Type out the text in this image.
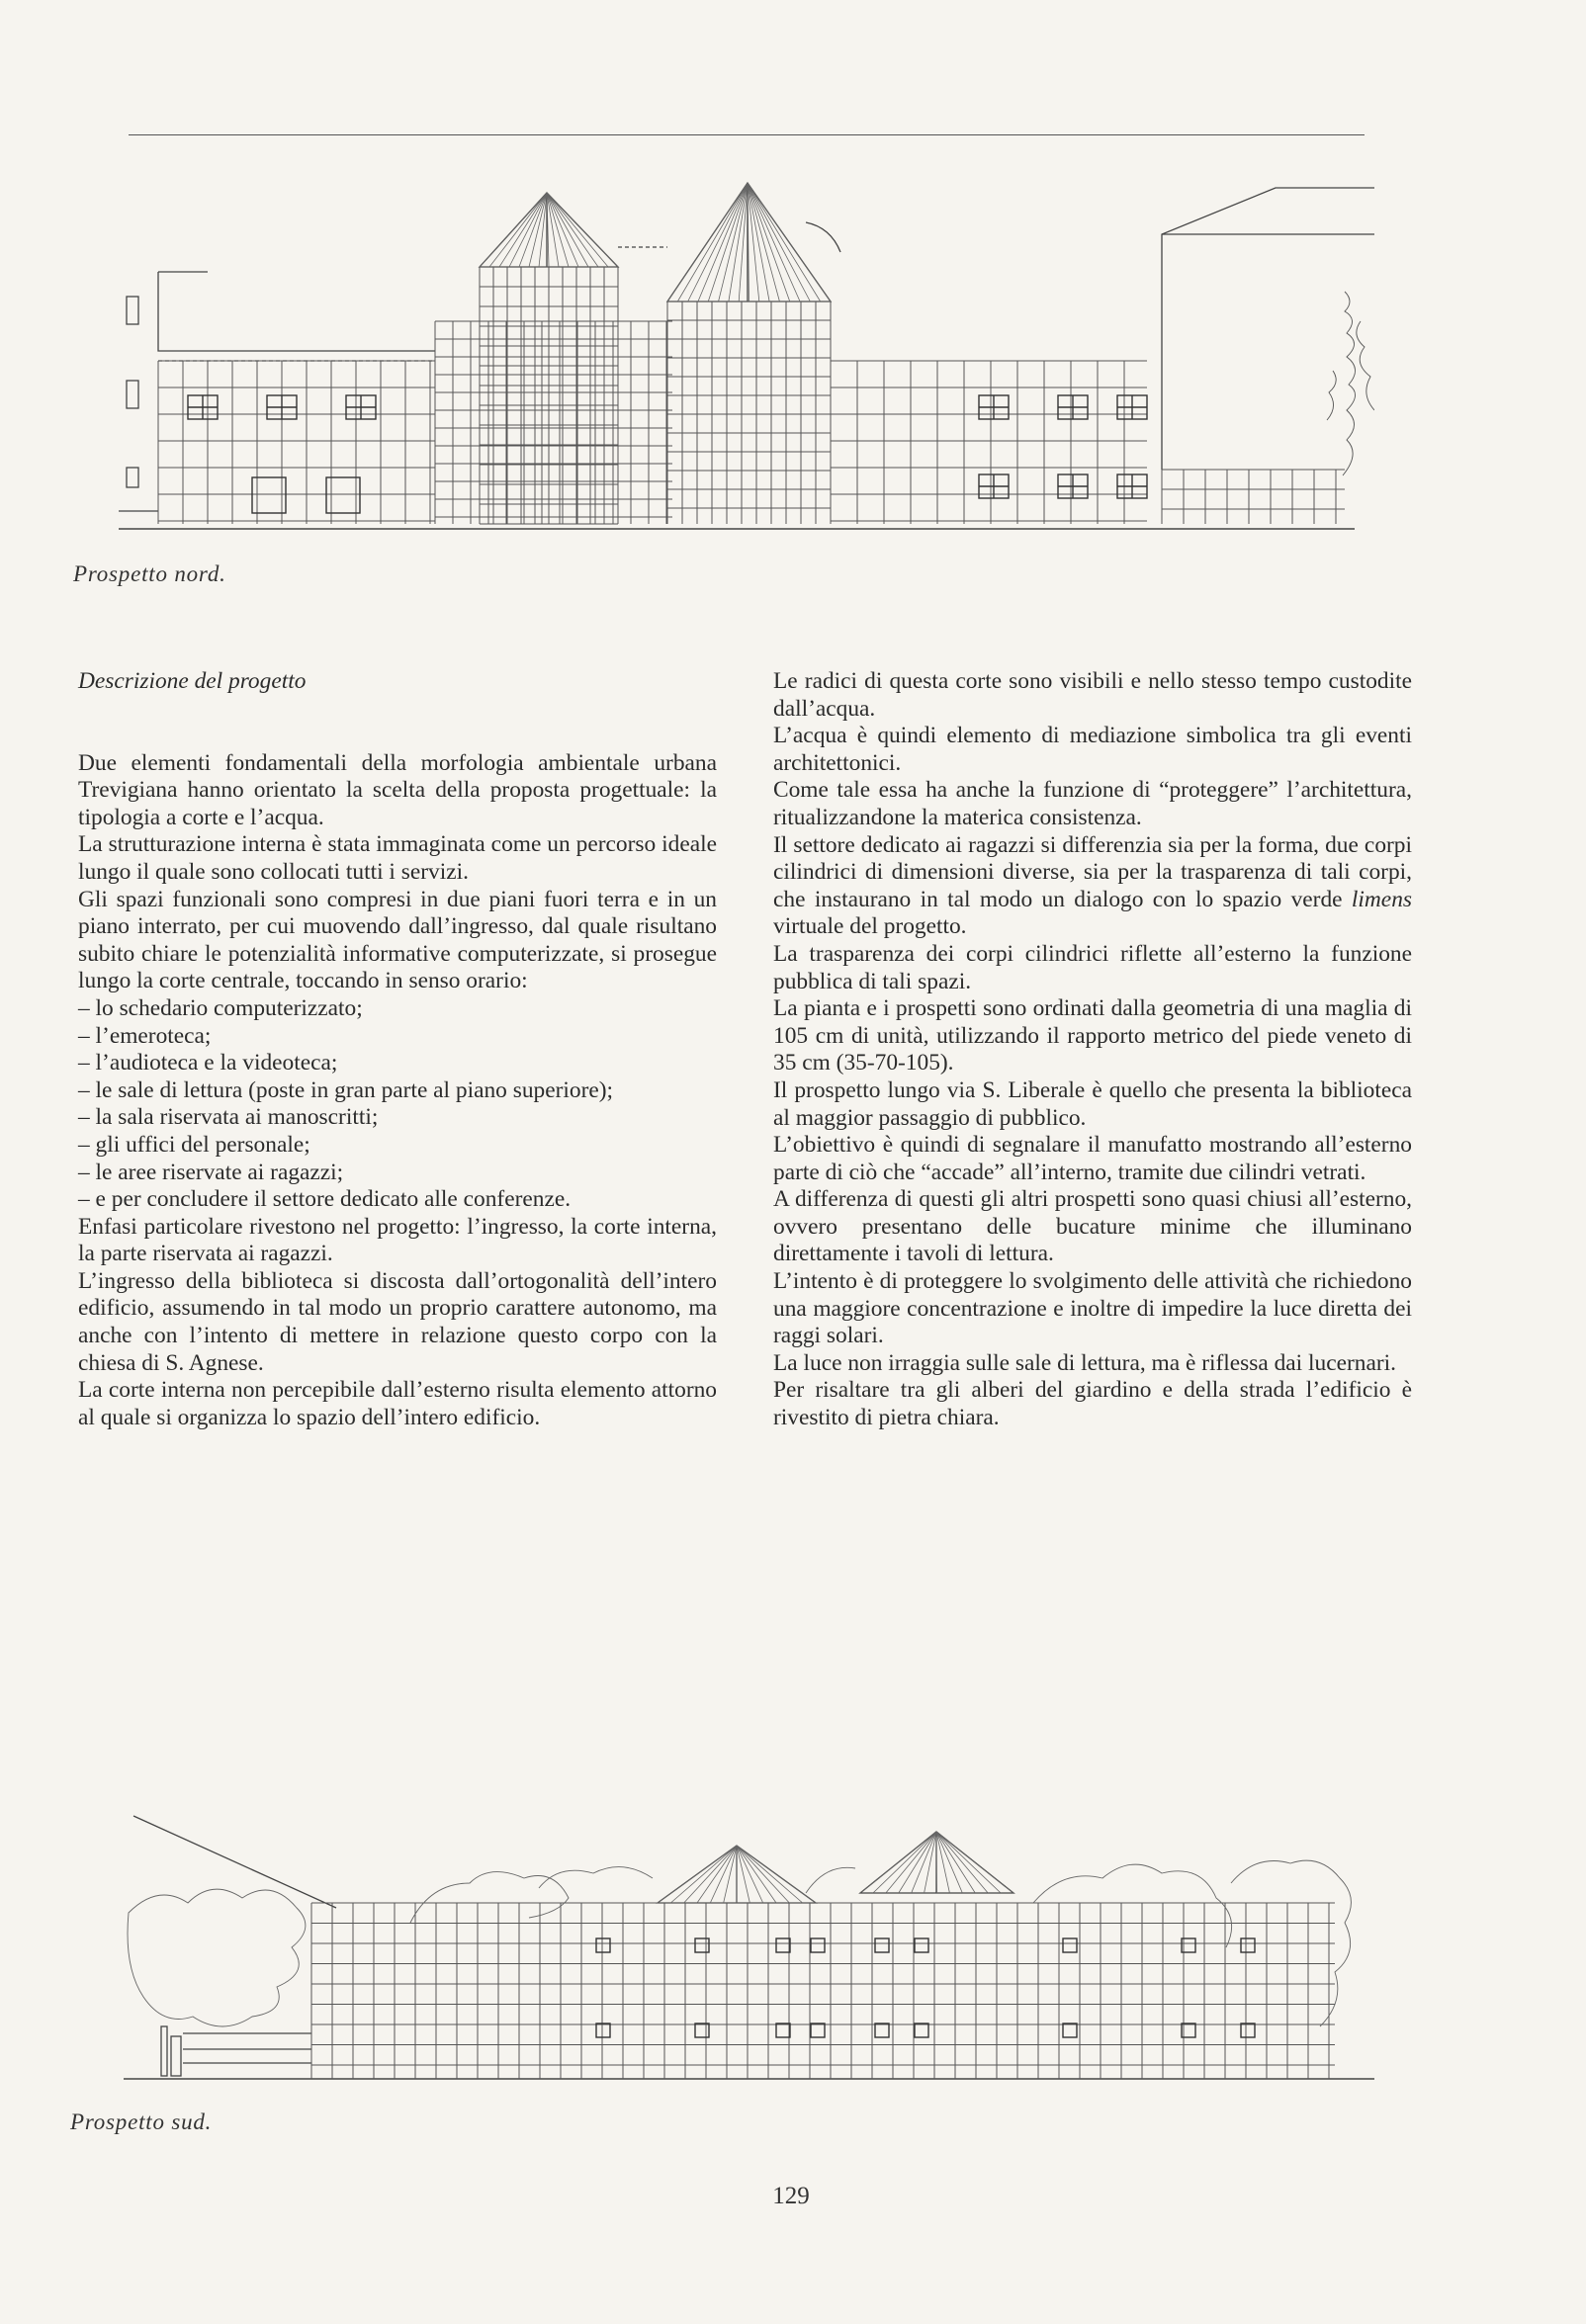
Prospetto nord.

Descrizione del progetto

Due elementi fondamentali della morfologia ambientale urbana Trevigiana hanno orientato la scelta della proposta progettuale: la tipologia a corte e l’acqua.

La strutturazione interna è stata immaginata come un percorso ideale lungo il quale sono collocati tutti i servizi.

Gli spazi funzionali sono compresi in due piani fuori terra e in un piano interrato, per cui muovendo dall’ingresso, dal quale risultano subito chiare le potenzialità informative computerizzate, si prosegue lungo la corte centrale, toccando in senso orario:

– lo schedario computerizzato;

– l’emeroteca;

– l’audioteca e la videoteca;

– le sale di lettura (poste in gran parte al piano superiore);

– la sala riservata ai manoscritti;

– gli uffici del personale;

– le aree riservate ai ragazzi;

– e per concludere il settore dedicato alle conferenze.

Enfasi particolare rivestono nel progetto: l’ingresso, la corte interna, la parte riservata ai ragazzi.

L’ingresso della biblioteca si discosta dall’ortogonalità dell’intero edificio, assumendo in tal modo un proprio carattere autonomo, ma anche con l’intento di mettere in relazione questo corpo con la chiesa di S. Agnese.

La corte interna non percepibile dall’esterno risulta elemento attorno al quale si organizza lo spazio dell’intero edificio.

Le radici di questa corte sono visibili e nello stesso tempo custodite dall’acqua.

L’acqua è quindi elemento di mediazione simbolica tra gli eventi architettonici.

Come tale essa ha anche la funzione di “proteggere” l’architettura, ritualizzandone la materica consistenza.

Il settore dedicato ai ragazzi si differenzia sia per la forma, due corpi cilindrici di dimensioni diverse, sia per la trasparenza di tali corpi, che instaurano in tal modo un dialogo con lo spazio verde limens virtuale del progetto.

La trasparenza dei corpi cilindrici riflette all’esterno la funzione pubblica di tali spazi.

La pianta e i prospetti sono ordinati dalla geometria di una maglia di 105 cm di unità, utilizzando il rapporto metrico del piede veneto di 35 cm (35-70-105).

Il prospetto lungo via S. Liberale è quello che presenta la biblioteca al maggior passaggio di pubblico.

L’obiettivo è quindi di segnalare il manufatto mostrando all’esterno parte di ciò che “accade” all’interno, tramite due cilindri vetrati.

A differenza di questi gli altri prospetti sono quasi chiusi all’esterno, ovvero presentano delle bucature minime che illuminano direttamente i tavoli di lettura.

L’intento è di proteggere lo svolgimento delle attività che richiedono una maggiore concentrazione e inoltre di impedire la luce diretta dei raggi solari.

La luce non irraggia sulle sale di lettura, ma è riflessa dai lucernari.

Per risaltare tra gli alberi del giardino e della strada l’edificio è rivestito di pietra chiara.

Prospetto sud.
129
